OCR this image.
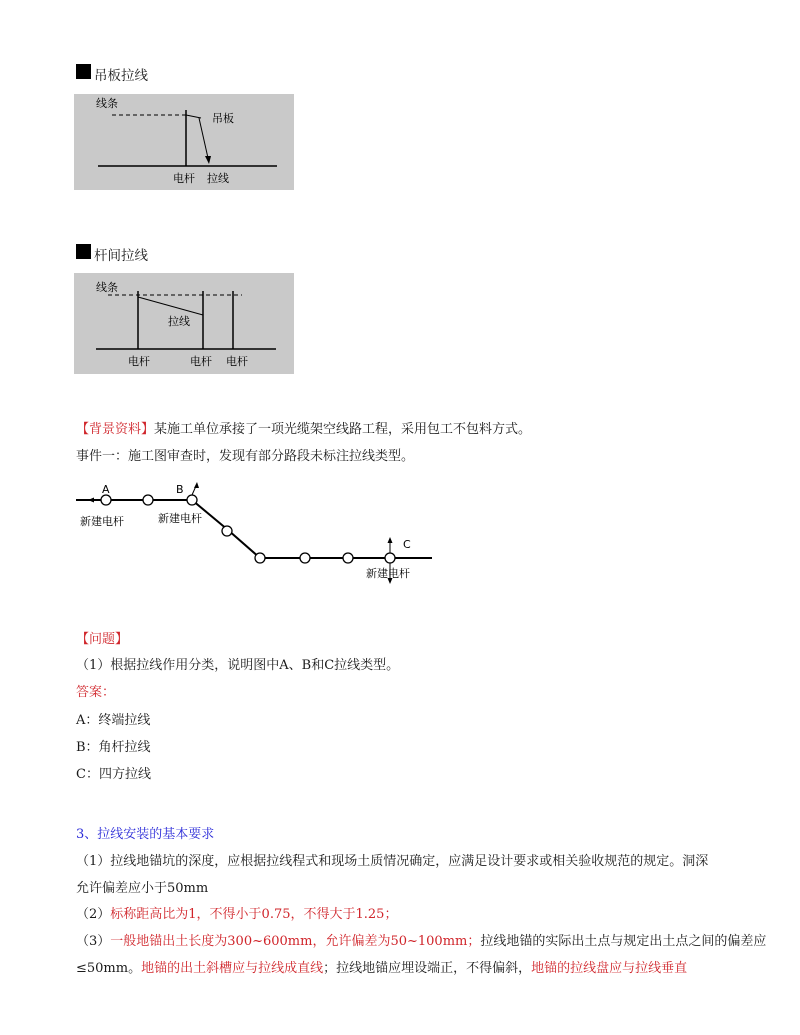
吊板拉线
线条
吊板
电杆 拉线
杆间拉线
线条
拉线
电杆	电杆 电杆
【背景资料】某施工单位承接了一项光缆架空线路工程，采用包工不包料方式。
事件一：施工图审查时，发现有部分路段未标注拉线类型。
A	B
C
新建电杆	新建电杆
新建电杆
【问题】
（1）根据拉线作用分类，说明图中A、B和C拉线类型。
答案：
A：终端拉线
B：角杆拉线
C：四方拉线
3、拉线安装的基本要求
（1）拉线地锚坑的深度，应根据拉线程式和现场土质情况确定，应满足设计要求或相关验收规范的规定。洞深
允许偏差应小于50mm
（2）标称距高比为1，不得小于0.75，不得大于1.25；
（3）一般地锚出土长度为300~600mm，允许偏差为50~100mm；拉线地锚的实际出土点与规定出土点之间的偏差应
≤50mm。地锚的出土斜槽应与拉线成直线；拉线地锚应埋设端正，不得偏斜，地锚的拉线盘应与拉线垂直
